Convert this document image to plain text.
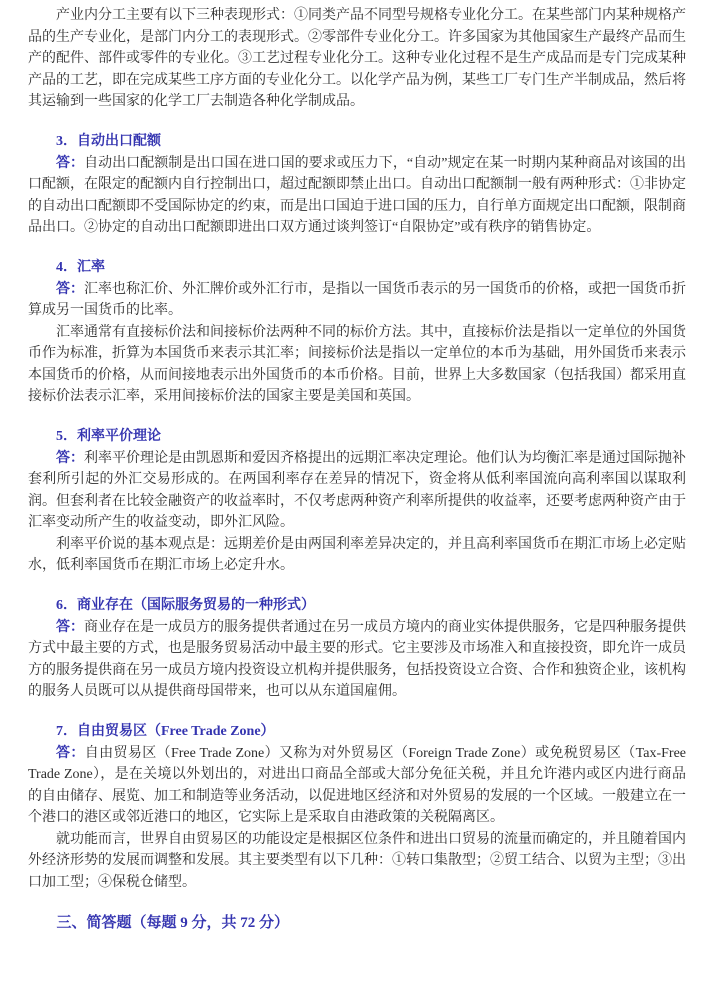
产业内分工主要有以下三种表现形式：①同类产品不同型号规格专业化分工。在某些部门内某种规格产品的生产专业化，是部门内分工的表现形式。②零部件专业化分工。许多国家为其他国家生产最终产品而生产的配件、部件或零件的专业化。③工艺过程专业化分工。这种专业化过程不是生产成品而是专门完成某种产品的工艺，即在完成某些工序方面的专业化分工。以化学产品为例，某些工厂专门生产半制成品，然后将其运输到一些国家的化学工厂去制造各种化学制成品。

3．自动出口配额

答：自动出口配额制是出口国在进口国的要求或压力下，“自动”规定在某一时期内某种商品对该国的出口配额，在限定的配额内自行控制出口，超过配额即禁止出口。自动出口配额制一般有两种形式：①非协定的自动出口配额即不受国际协定的约束，而是出口国迫于进口国的压力，自行单方面规定出口配额，限制商品出口。②协定的自动出口配额即进出口双方通过谈判签订“自限协定”或有秩序的销售协定。

4．汇率

答：汇率也称汇价、外汇牌价或外汇行市，是指以一国货币表示的另一国货币的价格，或把一国货币折算成另一国货币的比率。

汇率通常有直接标价法和间接标价法两种不同的标价方法。其中，直接标价法是指以一定单位的外国货币作为标准，折算为本国货币来表示其汇率；间接标价法是指以一定单位的本币为基础，用外国货币来表示本国货币的价格，从而间接地表示出外国货币的本币价格。目前，世界上大多数国家（包括我国）都采用直接标价法表示汇率，采用间接标价法的国家主要是美国和英国。

5．利率平价理论

答：利率平价理论是由凯恩斯和爱因齐格提出的远期汇率决定理论。他们认为均衡汇率是通过国际抛补套利所引起的外汇交易形成的。在两国利率存在差异的情况下，资金将从低利率国流向高利率国以谋取利润。但套利者在比较金融资产的收益率时，不仅考虑两种资产利率所提供的收益率，还要考虑两种资产由于汇率变动所产生的收益变动，即外汇风险。

利率平价说的基本观点是：远期差价是由两国利率差异决定的，并且高利率国货币在期汇市场上必定贴水，低利率国货币在期汇市场上必定升水。

6．商业存在（国际服务贸易的一种形式）

答：商业存在是一成员方的服务提供者通过在另一成员方境内的商业实体提供服务，它是四种服务提供方式中最主要的方式，也是服务贸易活动中最主要的形式。它主要涉及市场准入和直接投资，即允许一成员方的服务提供商在另一成员方境内投资设立机构并提供服务，包括投资设立合资、合作和独资企业，该机构的服务人员既可以从提供商母国带来，也可以从东道国雇佣。

7．自由贸易区（Free Trade Zone）

答：自由贸易区（Free Trade Zone）又称为对外贸易区（Foreign Trade Zone）或免税贸易区（Tax-Free Trade Zone），是在关境以外划出的，对进出口商品全部或大部分免征关税，并且允许港内或区内进行商品的自由储存、展览、加工和制造等业务活动，以促进地区经济和对外贸易的发展的一个区域。一般建立在一个港口的港区或邻近港口的地区，它实际上是采取自由港政策的关税隔离区。

就功能而言，世界自由贸易区的功能设定是根据区位条件和进出口贸易的流量而确定的，并且随着国内外经济形势的发展而调整和发展。其主要类型有以下几种：①转口集散型；②贸工结合、以贸为主型；③出口加工型；④保税仓储型。

三、简答题（每题 9 分，共 72 分）
